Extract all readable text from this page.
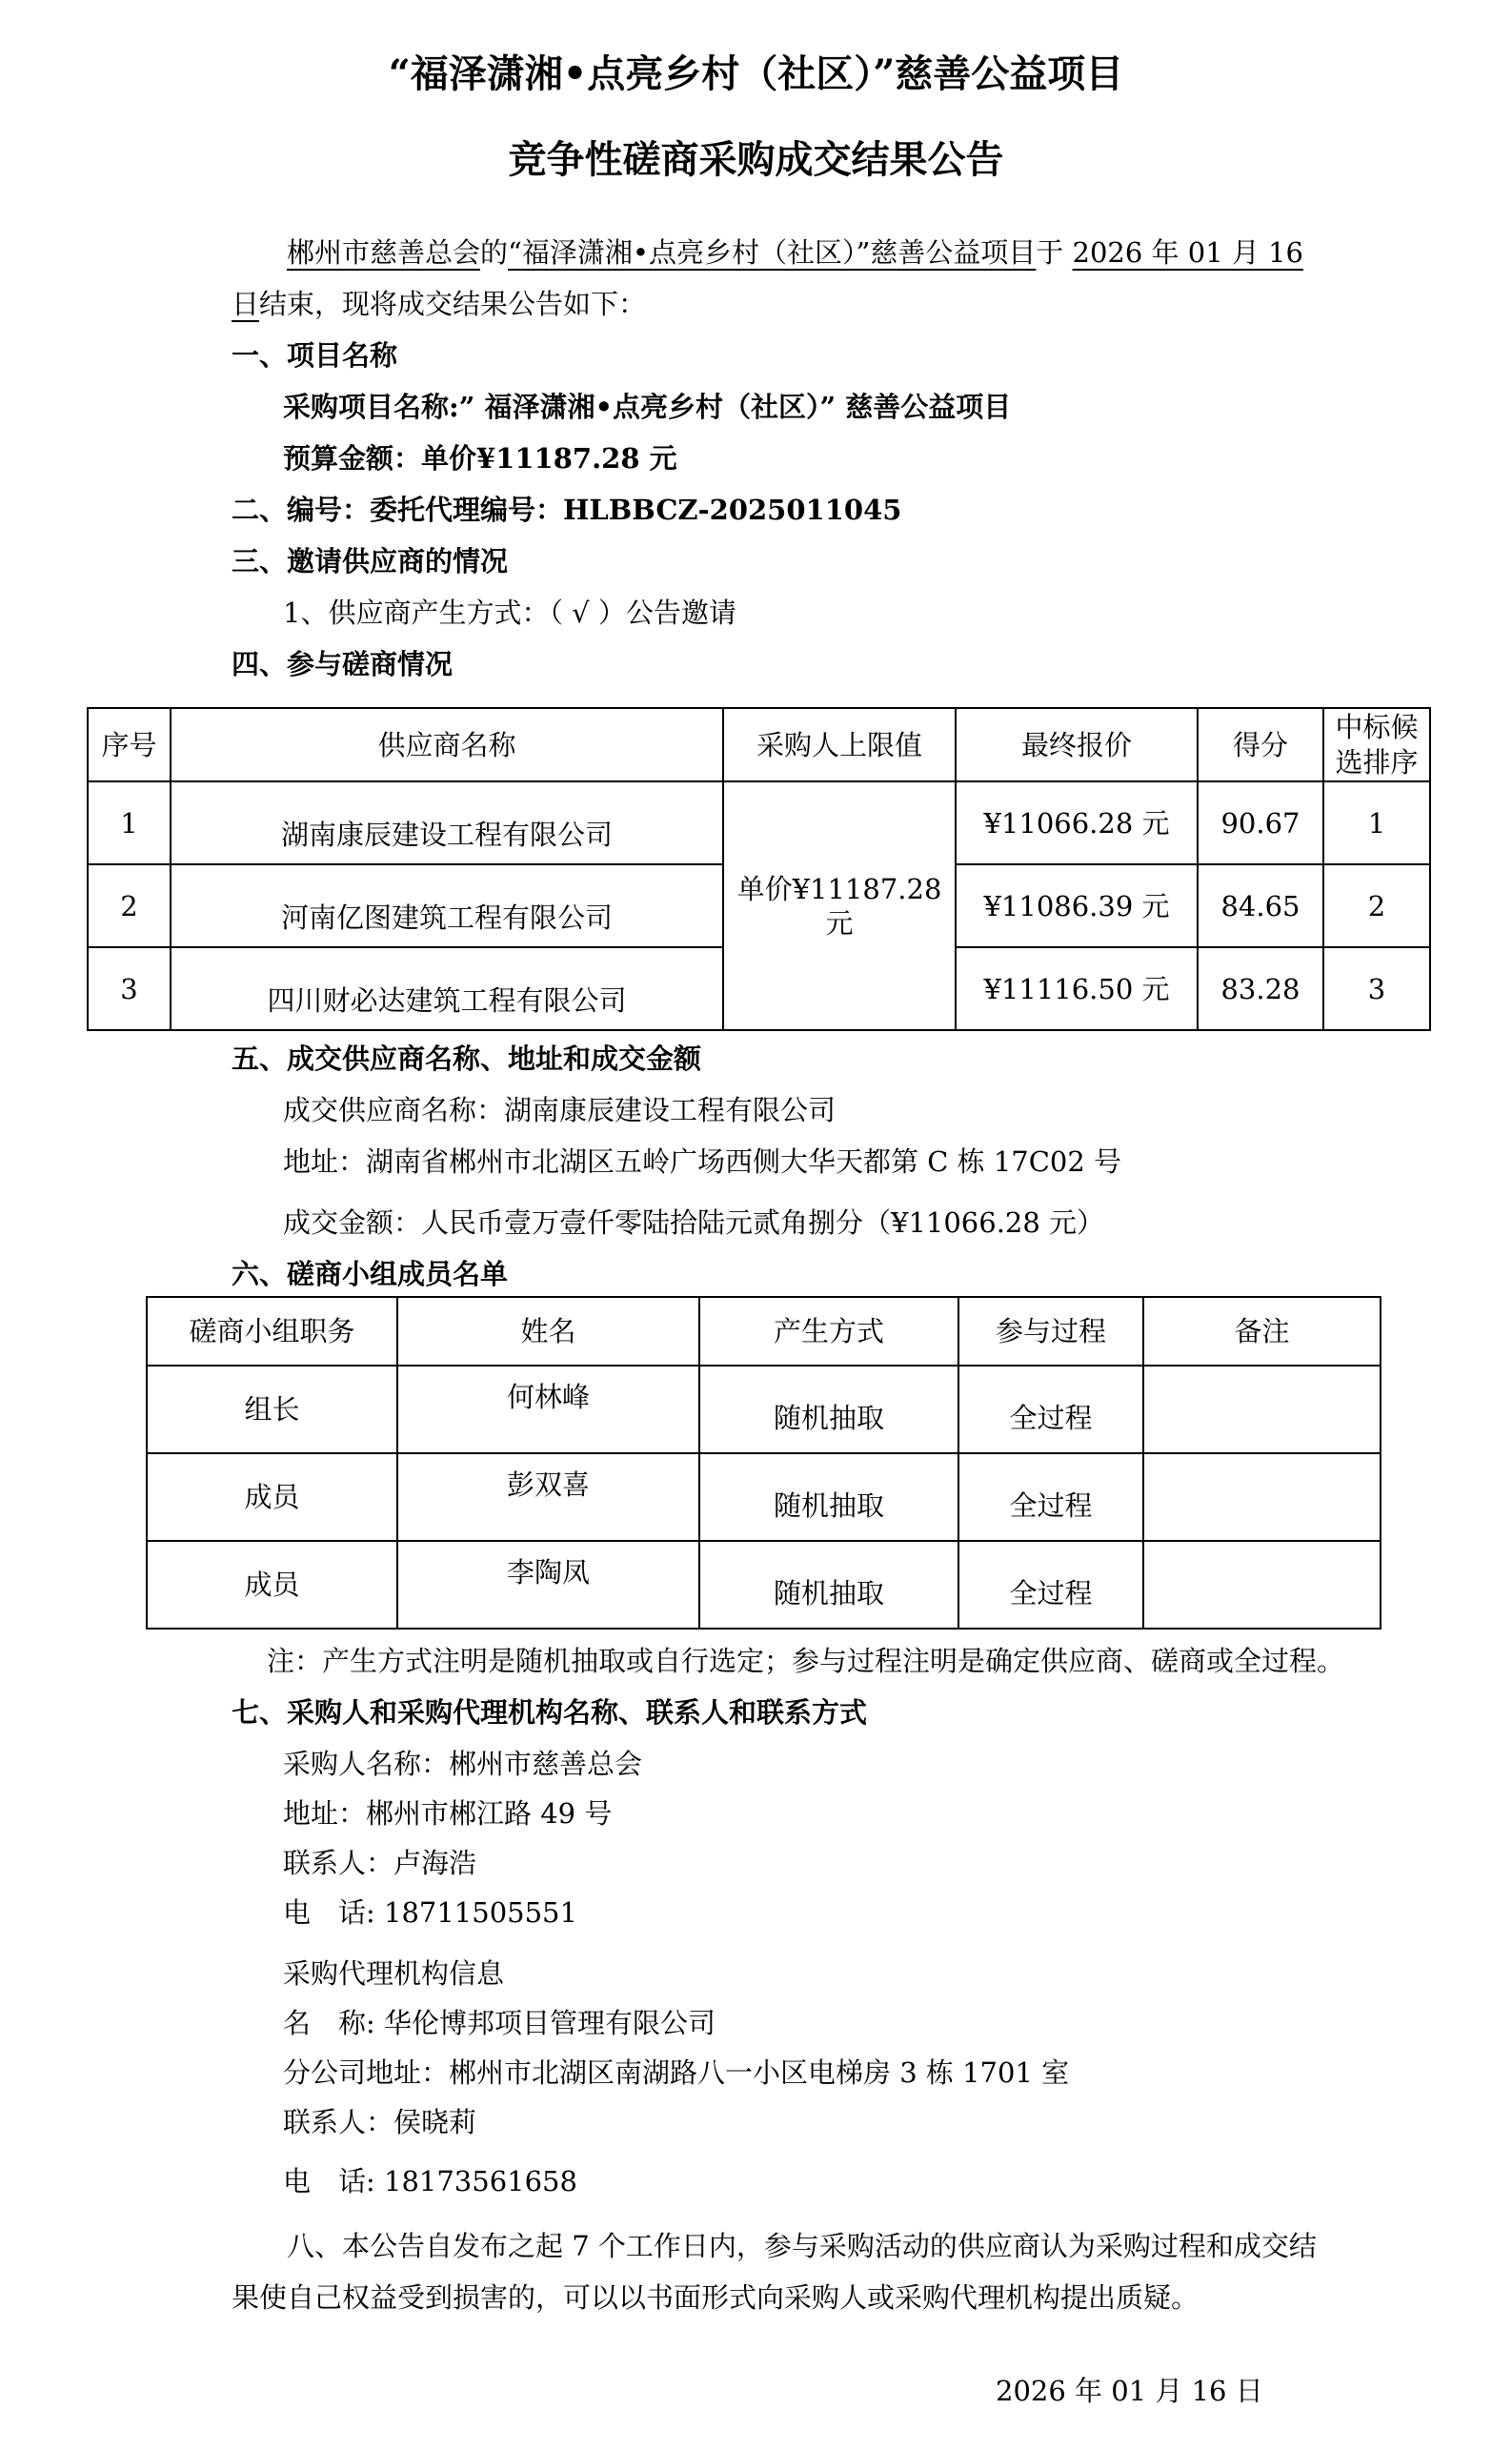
“福泽潇湘•点亮乡村（社区）”慈善公益项目
竞争性磋商采购成交结果公告
郴州市慈善总会的“福泽潇湘•点亮乡村（社区）”慈善公益项目于 2026 年 01 月 16
日结束，现将成交结果公告如下：
一、项目名称
采购项目名称:” 福泽潇湘•点亮乡村（社区）” 慈善公益项目
预算金额：单价¥11187.28 元
二、编号：委托代理编号：HLBBCZ-2025011045
三、邀请供应商的情况
1、供应商产生方式：（ √ ）公告邀请
四、参与磋商情况
序号	供应商名称	采购人上限值	最终报价	得分	中标候选排序
1	湖南康辰建设工程有限公司	单价¥11187.28 元	¥11066.28 元	90.67	1
2	河南亿图建筑工程有限公司		¥11086.39 元	84.65	2
3	四川财必达建筑工程有限公司		¥11116.50 元	83.28	3
五、成交供应商名称、地址和成交金额
成交供应商名称：湖南康辰建设工程有限公司
地址：湖南省郴州市北湖区五岭广场西侧大华天都第 C 栋 17C02 号
成交金额：人民币壹万壹仟零陆拾陆元贰角捌分（¥11066.28 元）
六、磋商小组成员名单
磋商小组职务	姓名	产生方式	参与过程	备注
组长	何林峰	随机抽取	全过程	
成员	彭双喜	随机抽取	全过程	
成员	李陶凤	随机抽取	全过程	
注：产生方式注明是随机抽取或自行选定；参与过程注明是确定供应商、磋商或全过程。
七、采购人和采购代理机构名称、联系人和联系方式
采购人名称：郴州市慈善总会
地址：郴州市郴江路 49 号
联系人：卢海浩
电　话: 18711505551
采购代理机构信息
名　称: 华伦博邦项目管理有限公司
分公司地址：郴州市北湖区南湖路八一小区电梯房 3 栋 1701 室
联系人：侯晓莉
电　话: 18173561658
八、本公告自发布之起 7 个工作日内，参与采购活动的供应商认为采购过程和成交结
果使自己权益受到损害的，可以以书面形式向采购人或采购代理机构提出质疑。
2026 年 01 月 16 日
